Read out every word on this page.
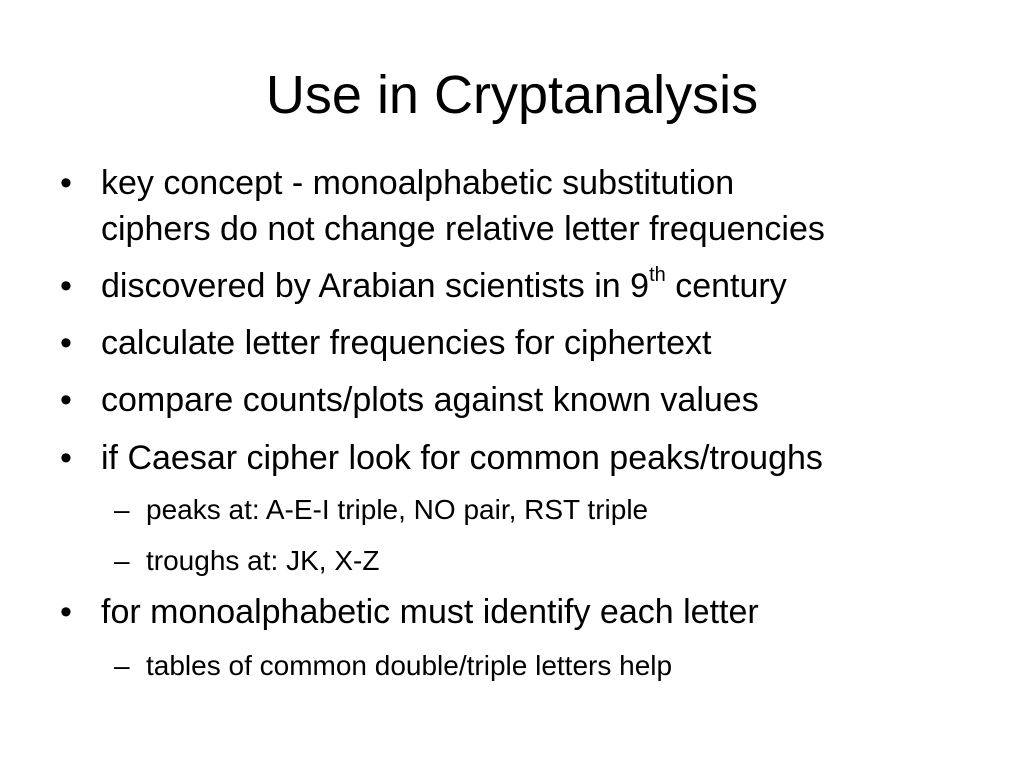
Use in Cryptanalysis
• key concept - monoalphabetic substitution
ciphers do not change relative letter frequencies
• discovered by Arabian scientists in 9th century
• calculate letter frequencies for ciphertext
• compare counts/plots against known values
• if Caesar cipher look for common peaks/troughs
– peaks at: A-E-I triple, NO pair, RST triple
– troughs at: JK, X-Z
• for monoalphabetic must identify each letter
– tables of common double/triple letters help
